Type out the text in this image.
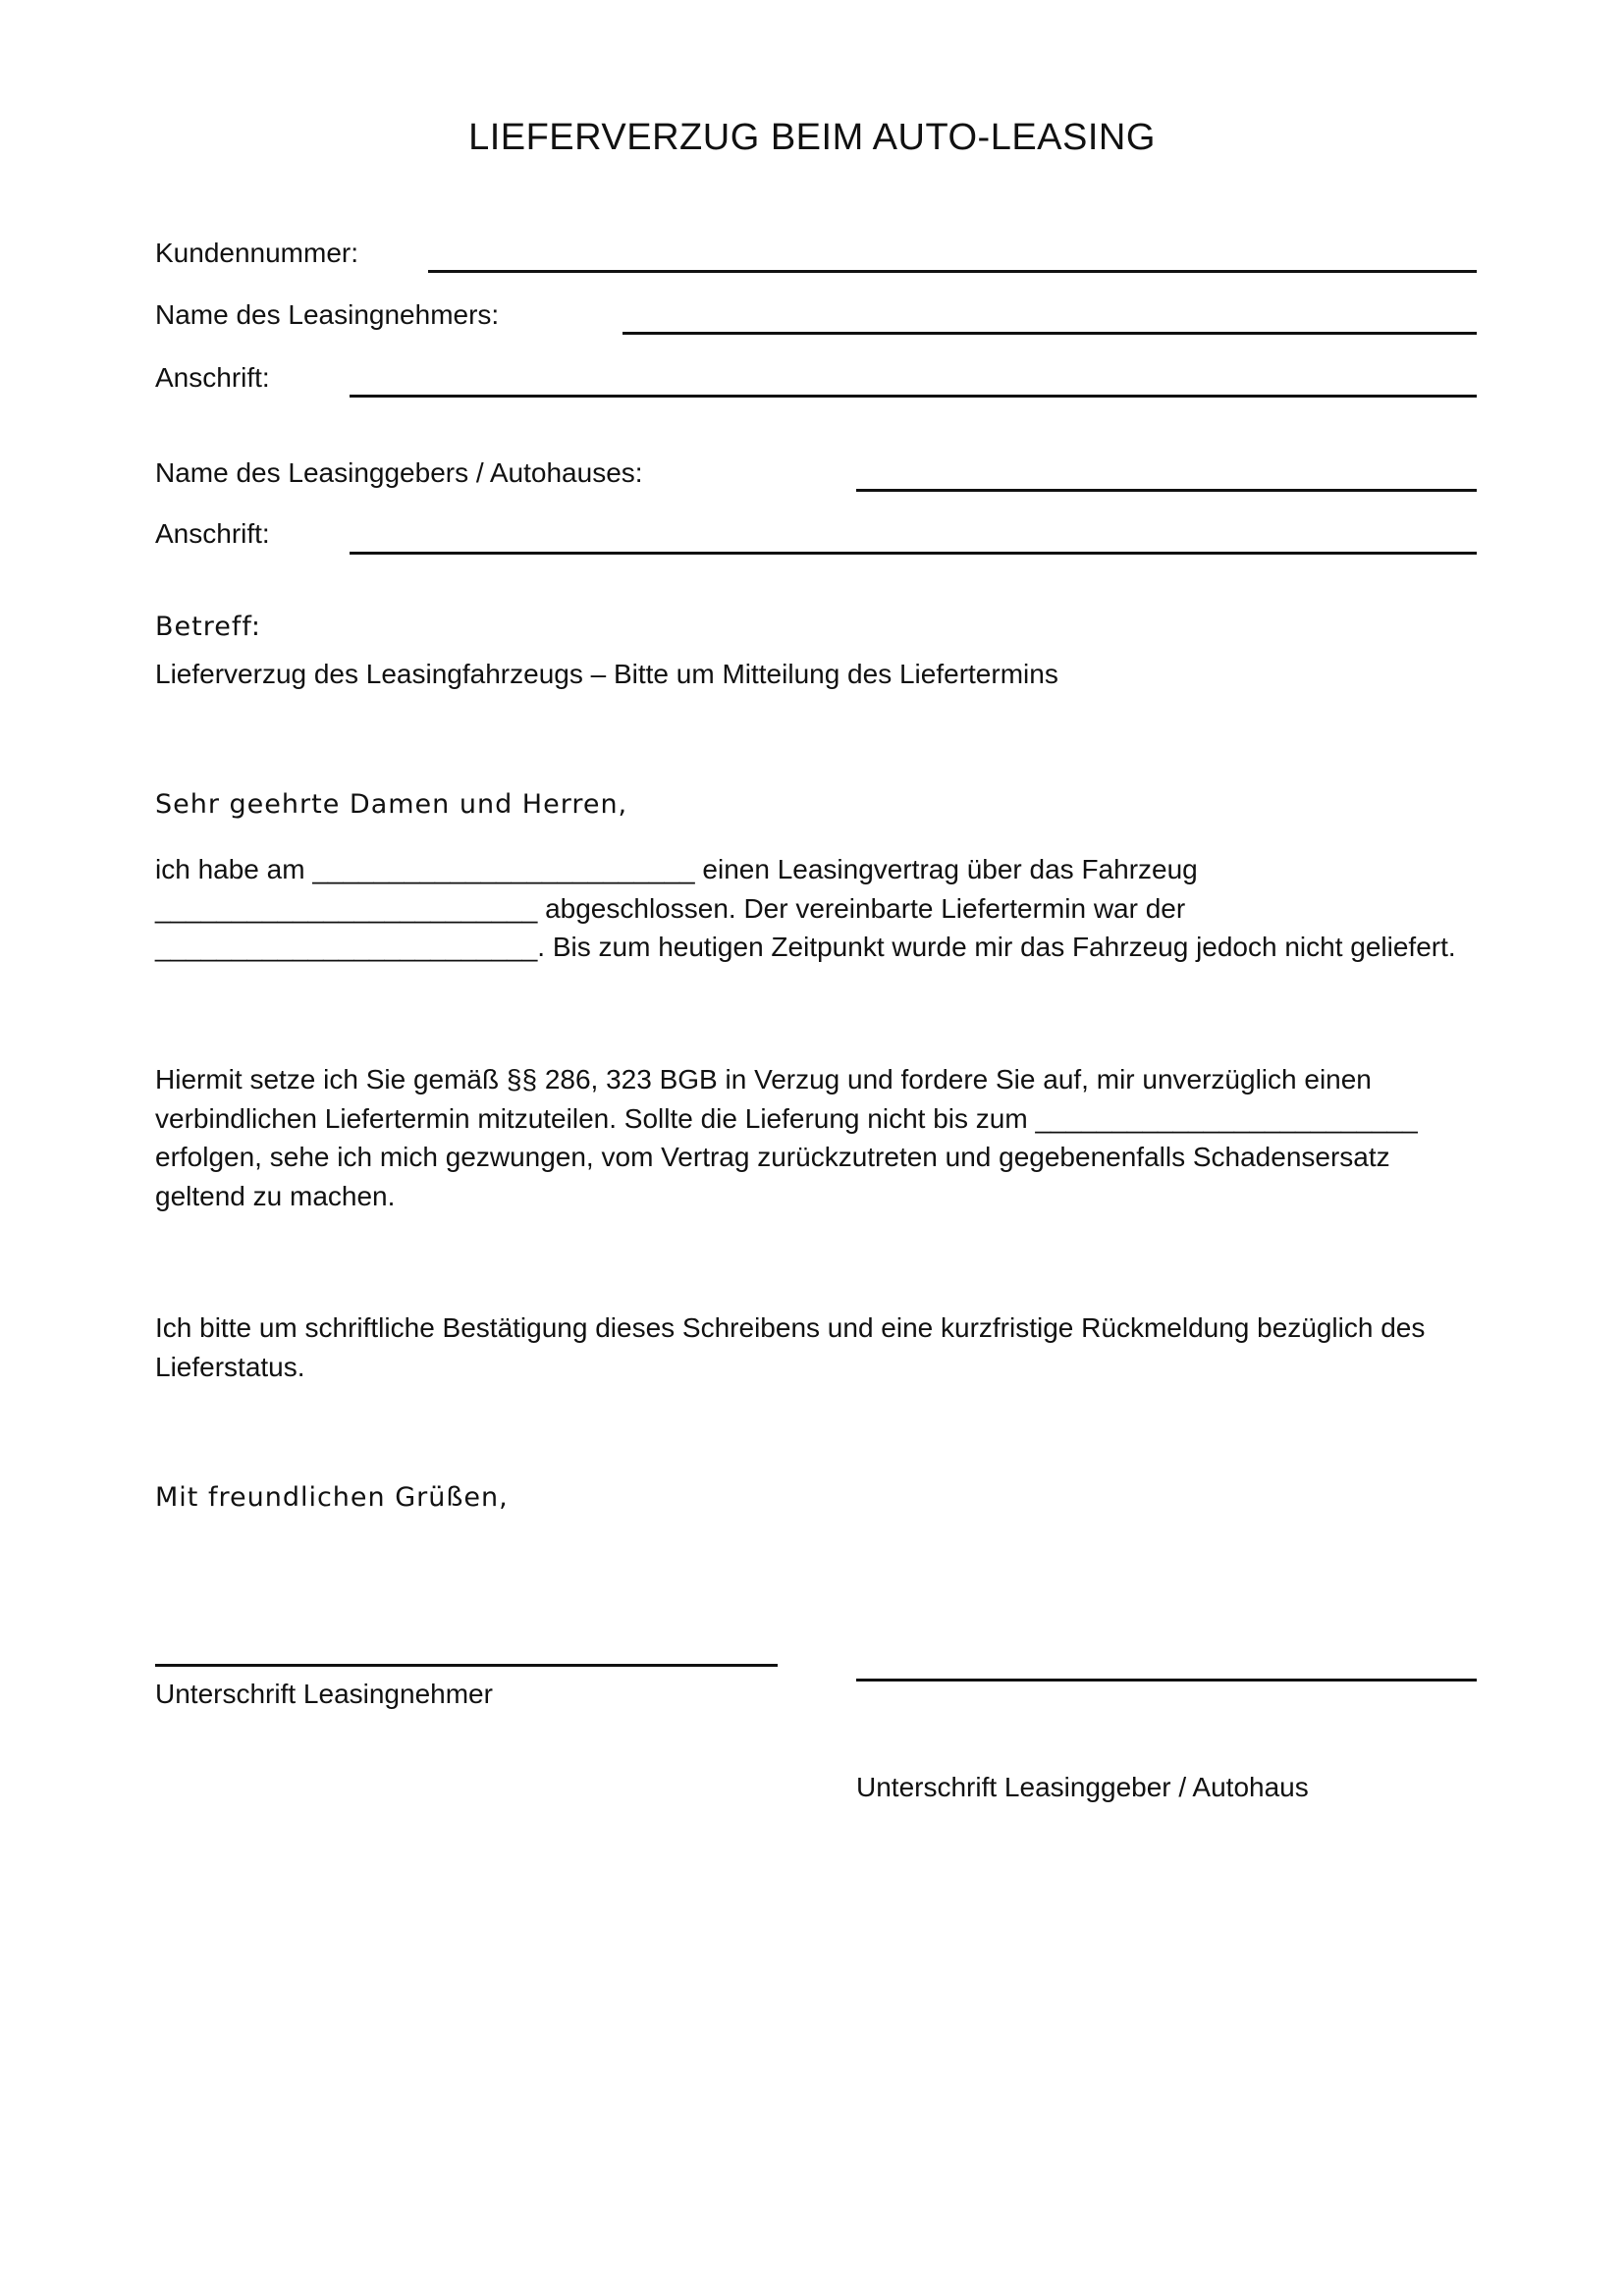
LIEFERVERZUG BEIM AUTO-LEASING
Kundennummer:
Name des Leasingnehmers:
Anschrift:
Name des Leasinggebers / Autohauses:
Anschrift:
Betreff:
Lieferverzug des Leasingfahrzeugs – Bitte um Mitteilung des Liefertermins
Sehr geehrte Damen und Herren,

ich habe am _________________________ einen Leasingvertrag über das Fahrzeug

_________________________ abgeschlossen. Der vereinbarte Liefertermin war der

_________________________. Bis zum heutigen Zeitpunkt wurde mir das Fahrzeug jedoch nicht geliefert.

Hiermit setze ich Sie gemäß §§ 286, 323 BGB in Verzug und fordere Sie auf, mir unverzüglich einen

verbindlichen Liefertermin mitzuteilen. Sollte die Lieferung nicht bis zum _________________________

erfolgen, sehe ich mich gezwungen, vom Vertrag zurückzutreten und gegebenenfalls Schadensersatz

geltend zu machen.

Ich bitte um schriftliche Bestätigung dieses Schreibens und eine kurzfristige Rückmeldung bezüglich des

Lieferstatus.

Mit freundlichen Grüßen,
Unterschrift Leasingnehmer
Unterschrift Leasinggeber / Autohaus
